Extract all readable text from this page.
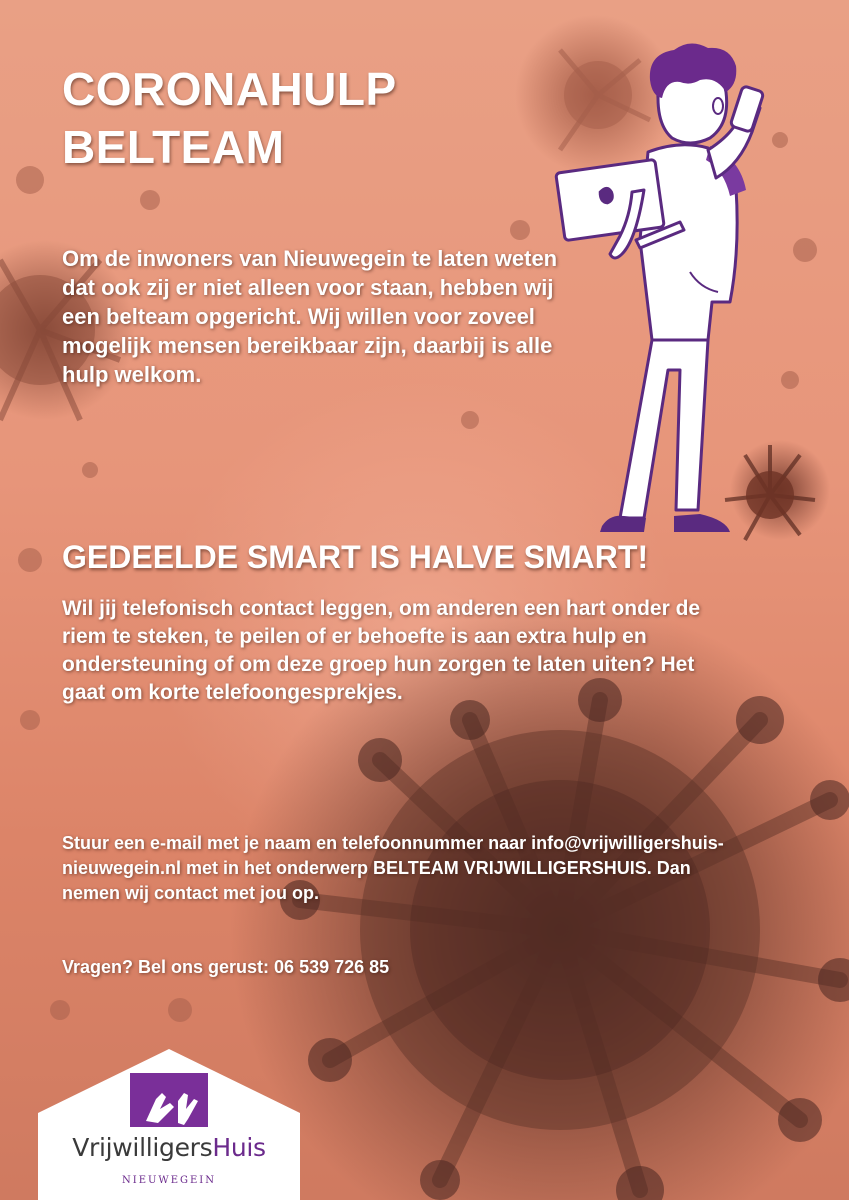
CORONAHULP
BELTEAM

Om de inwoners van Nieuwegein te laten weten dat ook zij er niet alleen voor staan, hebben wij een belteam opgericht. Wij willen voor zoveel mogelijk mensen bereikbaar zijn, daarbij is alle hulp welkom.

GEDEELDE SMART IS HALVE SMART!

Wil jij telefonisch contact leggen, om anderen een hart onder de riem te steken, te peilen of er behoefte is aan extra hulp en ondersteuning of om deze groep hun zorgen te laten uiten? Het gaat om korte telefoongesprekjes.

Stuur een e-mail met je naam en telefoonnummer naar info@vrijwilligershuis-nieuwegein.nl met in het onderwerp BELTEAM VRIJWILLIGERSHUIS. Dan nemen wij contact met jou op.

Vragen? Bel ons gerust: 06 539 726 85

VrijwilligersHuis
NIEUWEGEIN
